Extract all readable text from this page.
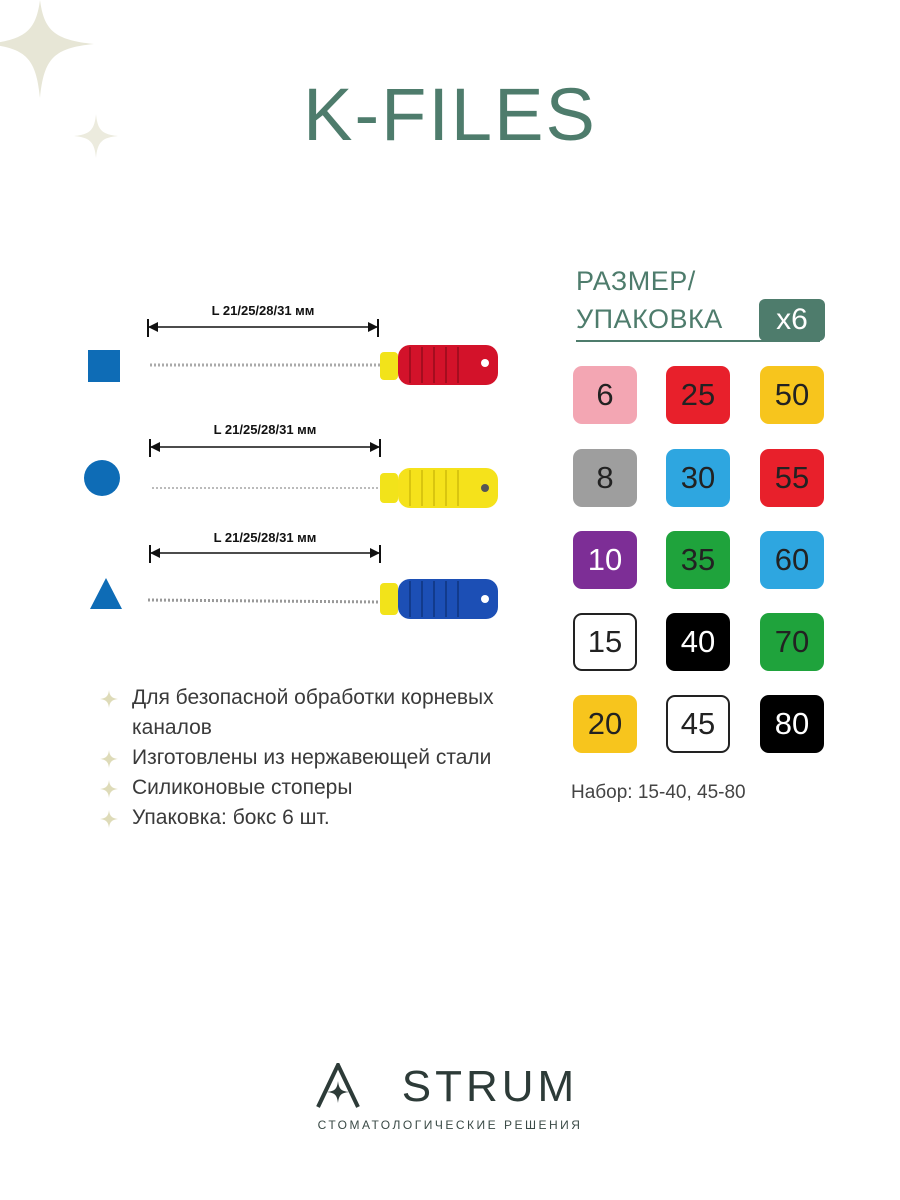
K-FILES
L 21/25/28/31 мм
L 21/25/28/31 мм
L 21/25/28/31 мм
РАЗМЕР/
УПАКОВКА	x6
6	25	50
8	30	55
10	35	60
15	40	70
20	45	80
Набор: 15-40, 45-80
Для безопасной обработки корневых каналов
Изготовлены из нержавеющей стали
Силиконовые стоперы
Упаковка: бокс 6 шт.
STRUM
СТОМАТОЛОГИЧЕСКИЕ РЕШЕНИЯ
